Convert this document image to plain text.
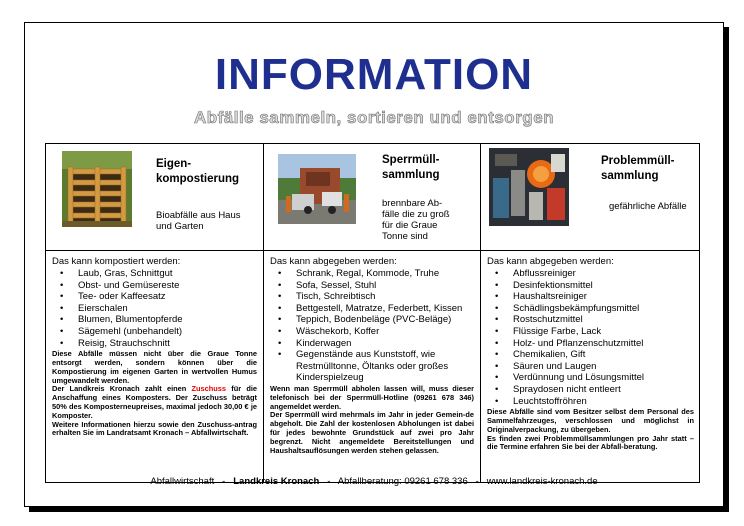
INFORMATION
Abfälle sammeln, sortieren und entsorgen
Eigen-
kompostierung
Bioabfälle aus Haus und Garten
Das kann kompostiert werden:
• Laub, Gras, Schnittgut
• Obst- und Gemüsereste
• Tee- oder Kaffeesatz
• Eierschalen
• Blumen, Blumentopferde
• Sägemehl (unbehandelt)
• Reisig, Strauchschnitt
Diese Abfälle müssen nicht über die Graue Tonne entsorgt werden, sondern können über die Kompostierung im eigenen Garten in wertvollen Humus umgewandelt werden.
Der Landkreis Kronach zahlt einen Zuschuss für die Anschaffung eines Komposters. Der Zuschuss beträgt 50% des Komposterneupreises, maximal jedoch 30,00 € je Komposter.
Weitere Informationen hierzu sowie den Zuschuss-antrag erhalten Sie im Landratsamt Kronach – Abfallwirtschaft.
Sperrmüll-
sammlung
brennbare Ab-
fälle die zu groß
für die Graue
Tonne sind
Das kann abgegeben werden:
• Schrank, Regal, Kommode, Truhe
• Sofa, Sessel, Stuhl
• Tisch, Schreibtisch
• Bettgestell, Matratze, Federbett, Kissen
• Teppich, Bodenbeläge (PVC-Beläge)
• Wäschekorb, Koffer
• Kinderwagen
• Gegenstände aus Kunststoff, wie Restmülltonne, Öltanks oder großes Kinderspielzeug
Wenn man Sperrmüll abholen lassen will, muss dieser telefonisch bei der Sperrmüll-Hotline (09261 678 346) angemeldet werden.
Der Sperrmüll wird mehrmals im Jahr in jeder Gemein-de abgeholt. Die Zahl der kostenlosen Abholungen ist dabei für jedes bewohnte Grundstück auf zwei pro Jahr begrenzt. Nicht angemeldete Bereitstellungen und Haushaltsauflösungen werden stehen gelassen.
Problemmüll-
sammlung
gefährliche Abfälle
Das kann abgegeben werden:
• Abflussreiniger
• Desinfektionsmittel
• Haushaltsreiniger
• Schädlingsbekämpfungsmittel
• Rostschutzmittel
• Flüssige Farbe, Lack
• Holz- und Pflanzenschutzmittel
• Chemikalien, Gift
• Säuren und Laugen
• Verdünnung und Lösungsmittel
• Spraydosen nicht entleert
• Leuchtstoffröhren
Diese Abfälle sind vom Besitzer selbst dem Personal des Sammelfahrzeuges, verschlossen und möglichst in Originalverpackung, zu übergeben.
Es finden zwei Problemmüllsammlungen pro Jahr statt – die Termine erfahren Sie bei der Abfall-beratung.
Abfallwirtschaft   -   Landkreis Kronach   -   Abfallberatung: 09261 678 336   -   www.landkreis-kronach.de
